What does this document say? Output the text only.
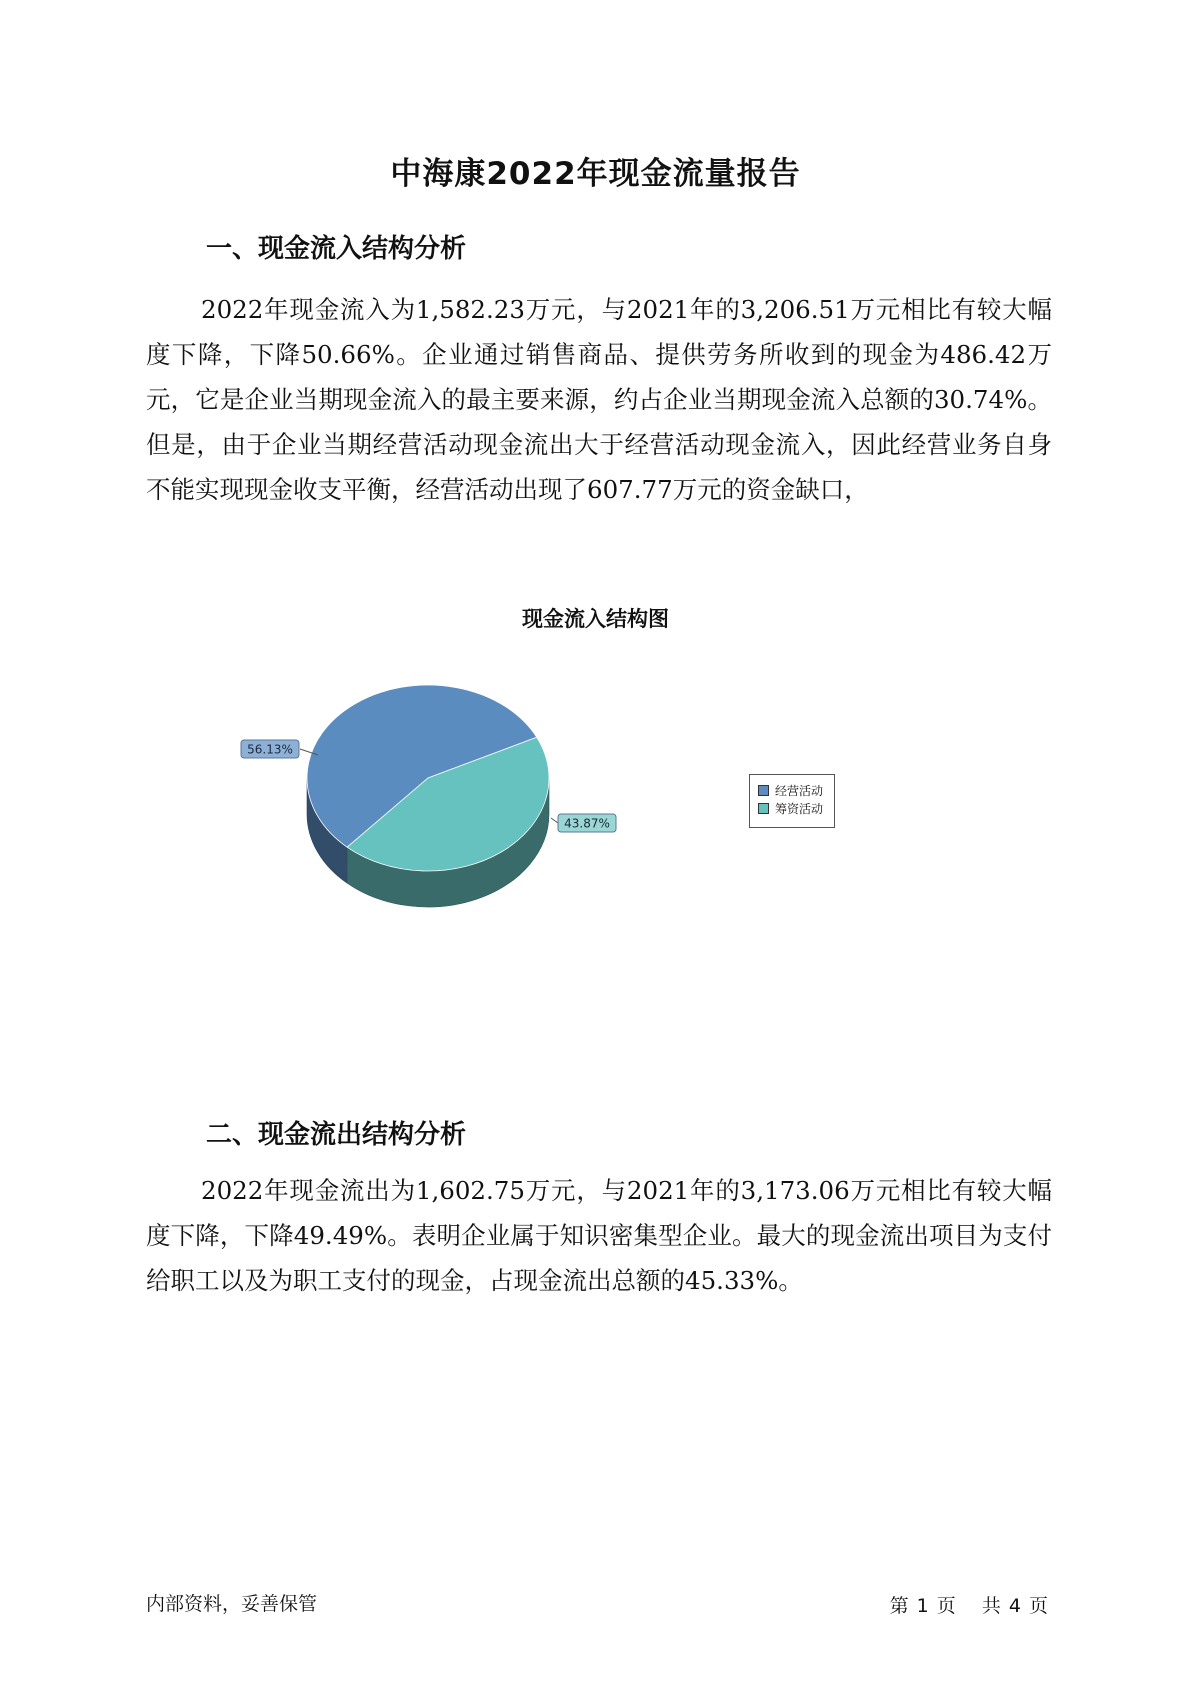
中海康2022年现金流量报告
一、现金流入结构分析

2022年现金流入为1,582.23万元，与2021年的3,206.51万元相比有较大幅度下降，下降50.66%。企业通过销售商品、提供劳务所收到的现金为486.42万元，它是企业当期现金流入的最主要来源，约占企业当期现金流入总额的30.74%。但是，由于企业当期经营活动现金流出大于经营活动现金流入，因此经营业务自身不能实现现金收支平衡，经营活动出现了607.77万元的资金缺口，

现金流入结构图
56.13%
43.87%
经营活动
筹资活动
二、现金流出结构分析

2022年现金流出为1,602.75万元，与2021年的3,173.06万元相比有较大幅度下降，下降49.49%。表明企业属于知识密集型企业。最大的现金流出项目为支付给职工以及为职工支付的现金，占现金流出总额的45.33%。

内部资料，妥善保管	第 1 页 共 4 页
